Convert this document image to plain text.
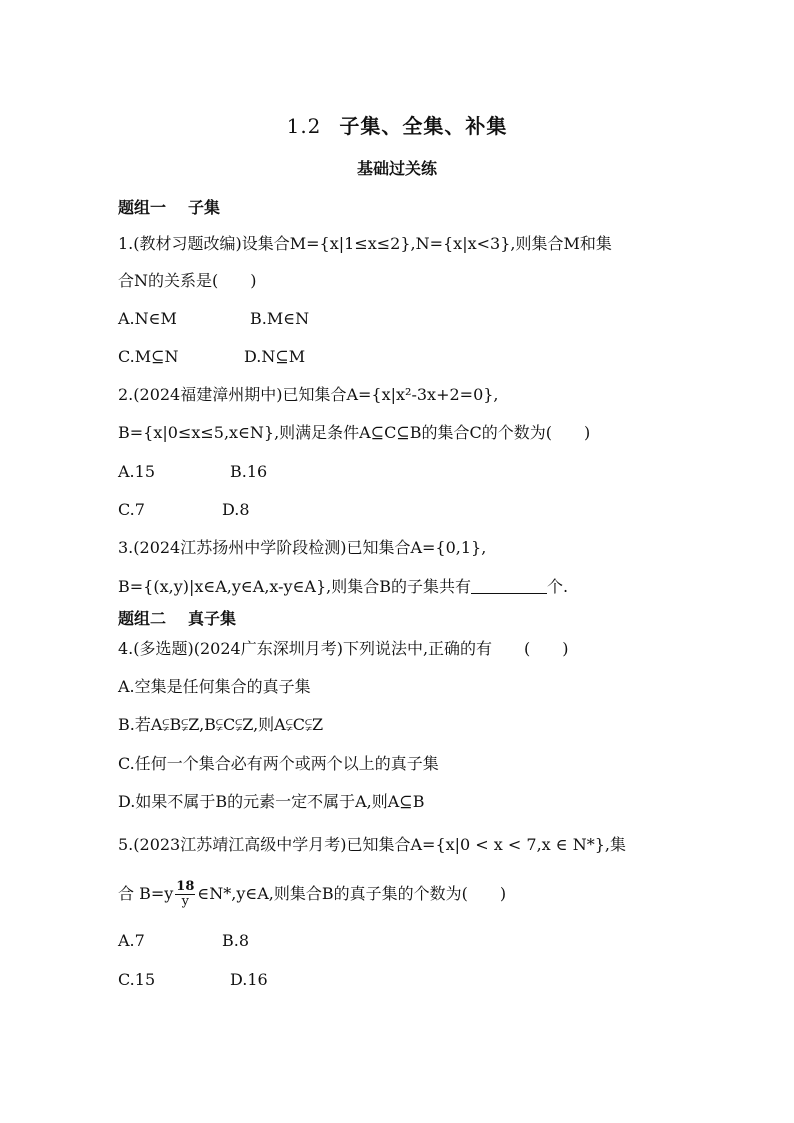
1.2 子集、全集、补集
基础过关练
题组一 子集
1.(教材习题改编)设集合M={x|1≤x≤2},N={x|x<3},则集合M和集
合N的关系是(　　)
A.N∈M	B.M∈N
C.M⊆N	D.N⊆M
2.(2024福建漳州期中)已知集合A={x|x²-3x+2=0},
B={x|0≤x≤5,x∈N},则满足条件A⊆C⊆B的集合C的个数为(　　)
A.15	B.16
C.7	D.8
3.(2024江苏扬州中学阶段检测)已知集合A={0,1},
B={(x,y)|x∈A,y∈A,x-y∈A},则集合B的子集共有	个.
题组二 真子集
4.(多选题)(2024广东深圳月考)下列说法中,正确的有　　(　　)
A.空集是任何集合的真子集
B.若A⫋B⫋Z,B⫋C⫋Z,则A⫋C⫋Z
C.任何一个集合必有两个或两个以上的真子集
D.如果不属于B的元素一定不属于A,则A⊆B
5.(2023江苏靖江高级中学月考)已知集合A={x|0 < x < 7,x ∈ N*},集
合 $B=y \frac{18}{y}$ ∈N*,y∈A,则集合B的真子集的个数为(　　)
A.7	B.8
C.15	D.16
